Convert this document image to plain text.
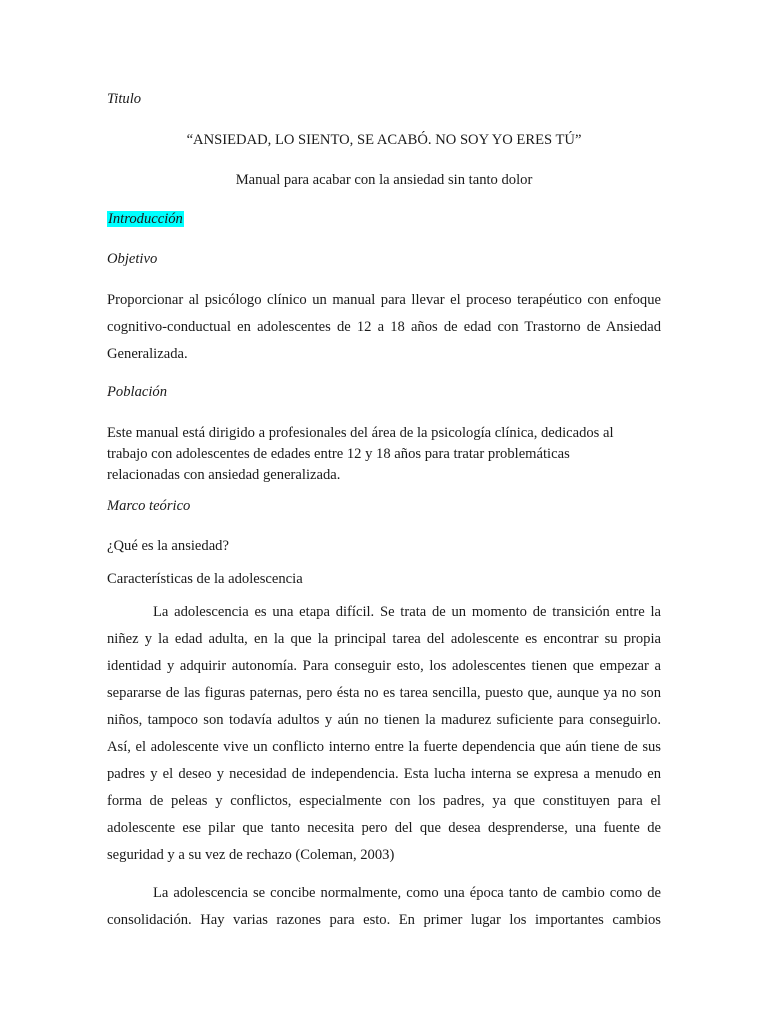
Titulo

“ANSIEDAD, LO SIENTO, SE ACABÓ. NO SOY YO ERES TÚ”

Manual para acabar con la ansiedad sin tanto dolor

Introducción

Objetivo

Proporcionar al psicólogo clínico un manual para llevar el proceso terapéutico con enfoque cognitivo-conductual en adolescentes de 12 a 18 años de edad con Trastorno de Ansiedad Generalizada.

Población

Este manual está dirigido a profesionales del área de la psicología clínica, dedicados al
trabajo con adolescentes de edades entre 12 y 18 años para tratar problemáticas
relacionadas con ansiedad generalizada.

Marco teórico

¿Qué es la ansiedad?

Características de la adolescencia

La adolescencia es una etapa difícil. Se trata de un momento de transición entre la niñez y la edad adulta, en la que la principal tarea del adolescente es encontrar su propia identidad y adquirir autonomía. Para conseguir esto, los adolescentes tienen que empezar a separarse de las figuras paternas, pero ésta no es tarea sencilla, puesto que, aunque ya no son niños, tampoco son todavía adultos y aún no tienen la madurez suficiente para conseguirlo. Así, el adolescente vive un conflicto interno entre la fuerte dependencia que aún tiene de sus padres y el deseo y necesidad de independencia. Esta lucha interna se expresa a menudo en forma de peleas y conflictos, especialmente con los padres, ya que constituyen para el adolescente ese pilar que tanto necesita pero del que desea desprenderse, una fuente de seguridad y a su vez de rechazo (Coleman, 2003)

La adolescencia se concibe normalmente, como una época tanto de cambio como de consolidación. Hay varias razones para esto. En primer lugar los importantes cambios
